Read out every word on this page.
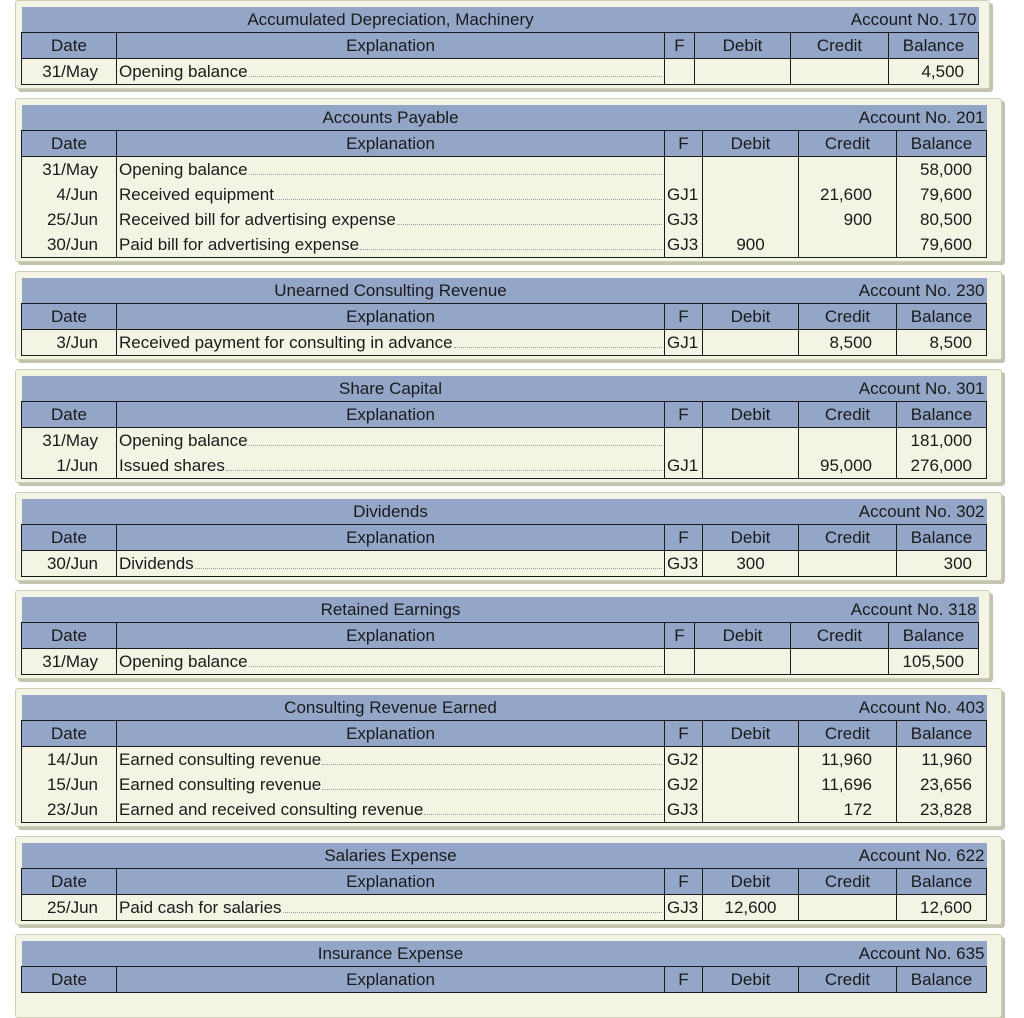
	Accumulated Depreciation, Machinery			Account No. 170	
Date	Explanation	F	Debit	Credit	Balance
31/May	Opening balance				4,500
	Accounts Payable			Account No. 201	
Date	Explanation	F	Debit	Credit	Balance
31/May	Opening balance				58,000
4/Jun	Received equipment	GJ1		21,600	79,600
25/Jun	Received bill for advertising expense	GJ3		900	80,500
30/Jun	Paid bill for advertising expense	GJ3	900		79,600
	Unearned Consulting Revenue			Account No. 230	
Date	Explanation	F	Debit	Credit	Balance
3/Jun	Received payment for consulting in advance	GJ1		8,500	8,500
	Share Capital			Account No. 301	
Date	Explanation	F	Debit	Credit	Balance
31/May	Opening balance				181,000
1/Jun	Issued shares	GJ1		95,000	276,000
	Dividends			Account No. 302	
Date	Explanation	F	Debit	Credit	Balance
30/Jun	Dividends	GJ3	300		300
	Retained Earnings			Account No. 318	
Date	Explanation	F	Debit	Credit	Balance
31/May	Opening balance				105,500
	Consulting Revenue Earned			Account No. 403	
Date	Explanation	F	Debit	Credit	Balance
14/Jun	Earned consulting revenue	GJ2		11,960	11,960
15/Jun	Earned consulting revenue	GJ2		11,696	23,656
23/Jun	Earned and received consulting revenue	GJ3		172	23,828
	Salaries Expense			Account No. 622	
Date	Explanation	F	Debit	Credit	Balance
25/Jun	Paid cash for salaries	GJ3	12,600		12,600
	Insurance Expense			Account No. 635	
Date	Explanation	F	Debit	Credit	Balance
